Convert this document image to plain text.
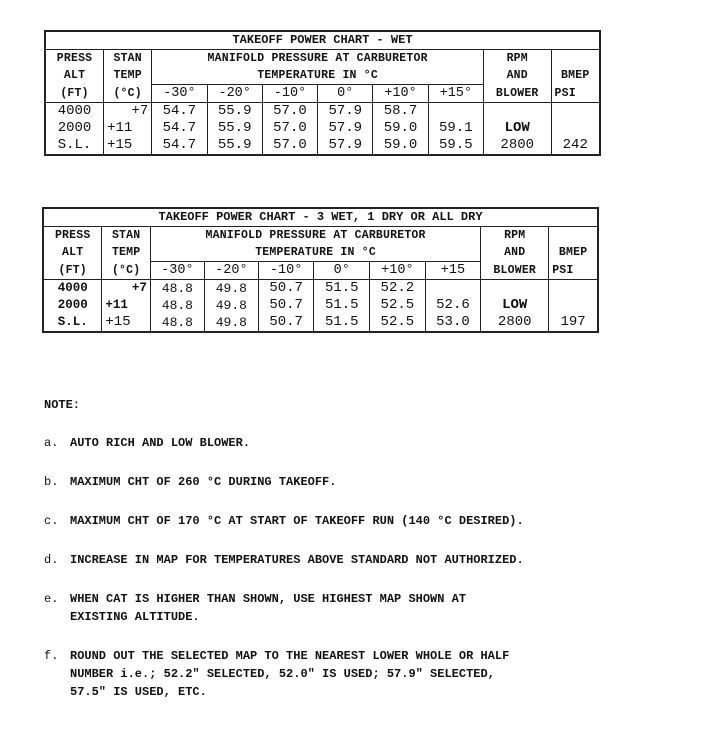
TAKEOFF POWER CHART - WET									
PRESS	STAN	MANIFOLD PRESSURE AT CARBURETOR						RPM	
ALT	TEMP	TEMPERATURE IN °C						AND	BMEP
(FT)	(°C)	-30°	-20°	-10°	0°	+10°	+15°	BLOWER	PSI
4000	+7	54.7	55.9	57.0	57.9	58.7			
2000	+11	54.7	55.9	57.0	57.9	59.0	59.1	LOW	
S.L.	+15	54.7	55.9	57.0	57.9	59.0	59.5	2800	242
TAKEOFF POWER CHART - 3 WET, 1 DRY OR ALL DRY									
PRESS	STAN	MANIFOLD PRESSURE AT CARBURETOR						RPM	
ALT	TEMP	TEMPERATURE IN °C						AND	BMEP
(FT)	(°C)	-30°	-20°	-10°	0°	+10°	+15	BLOWER	PSI
4000	+7	48.8	49.8	50.7	51.5	52.2			
2000	+11	48.8	49.8	50.7	51.5	52.5	52.6	LOW	
S.L.	+15	48.8	49.8	50.7	51.5	52.5	53.0	2800	197
NOTE:
a. AUTO RICH AND LOW BLOWER.
b. MAXIMUM CHT OF 260 °C DURING TAKEOFF.
c. MAXIMUM CHT OF 170 °C AT START OF TAKEOFF RUN (140 °C DESIRED).
d. INCREASE IN MAP FOR TEMPERATURES ABOVE STANDARD NOT AUTHORIZED.
e. WHEN CAT IS HIGHER THAN SHOWN, USE HIGHEST MAP SHOWN AT
EXISTING ALTITUDE.
f. ROUND OUT THE SELECTED MAP TO THE NEAREST LOWER WHOLE OR HALF
NUMBER i.e.; 52.2" SELECTED, 52.0" IS USED; 57.9" SELECTED,
57.5" IS USED, ETC.
